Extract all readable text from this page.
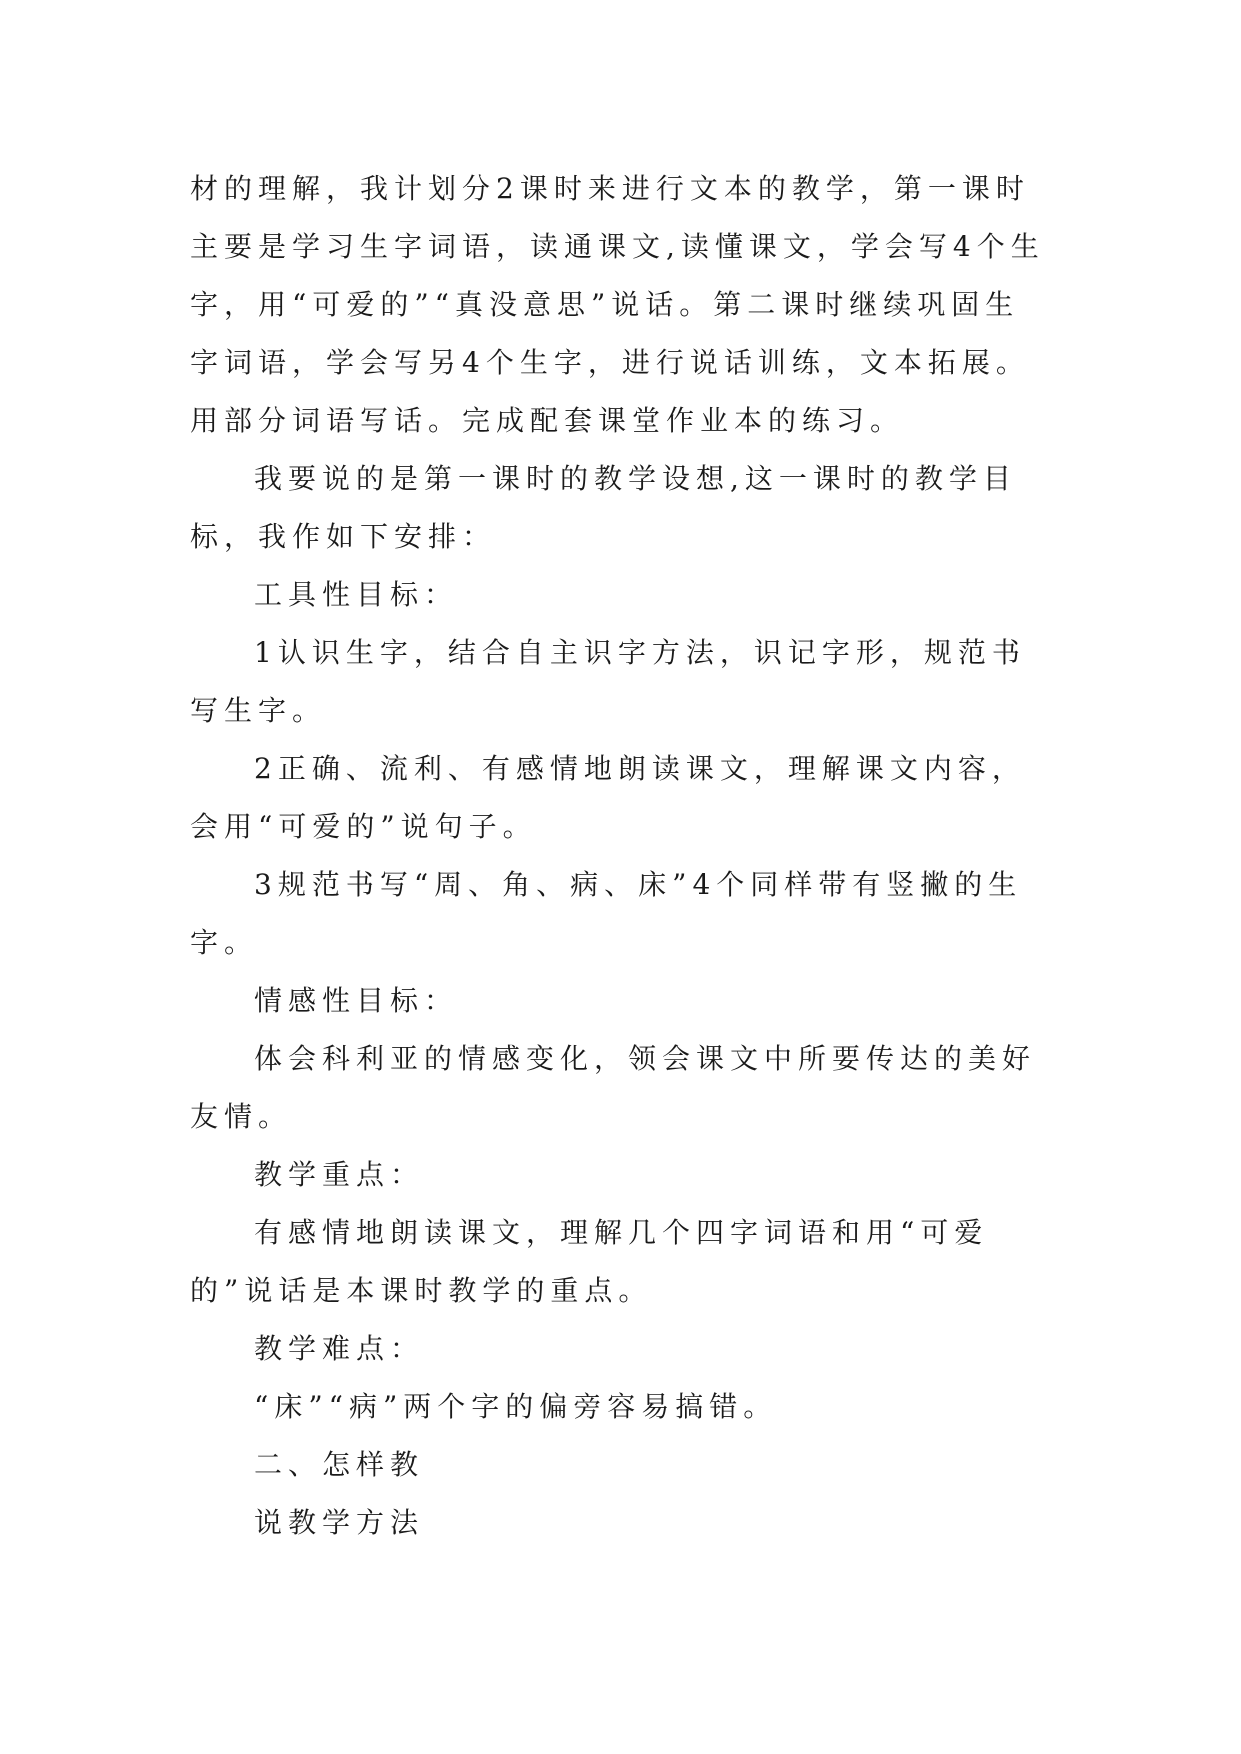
材的理解，我计划分2课时来进行文本的教学，第一课时主要是学习生字词语，读通课文,读懂课文，学会写4个生字，用“可爱的”“真没意思”说话。第二课时继续巩固生字词语，学会写另4个生字，进行说话训练，文本拓展。用部分词语写话。完成配套课堂作业本的练习。

我要说的是第一课时的教学设想,这一课时的教学目标，我作如下安排：

工具性目标：

1认识生字，结合自主识字方法，识记字形，规范书写生字。

2正确、流利、有感情地朗读课文，理解课文内容，会用“可爱的”说句子。

3规范书写“周、角、病、床”4个同样带有竖撇的生字。

情感性目标：

体会科利亚的情感变化，领会课文中所要传达的美好友情。

教学重点：

有感情地朗读课文，理解几个四字词语和用“可爱的”说话是本课时教学的重点。

教学难点：

“床”“病”两个字的偏旁容易搞错。

二、怎样教

说教学方法
